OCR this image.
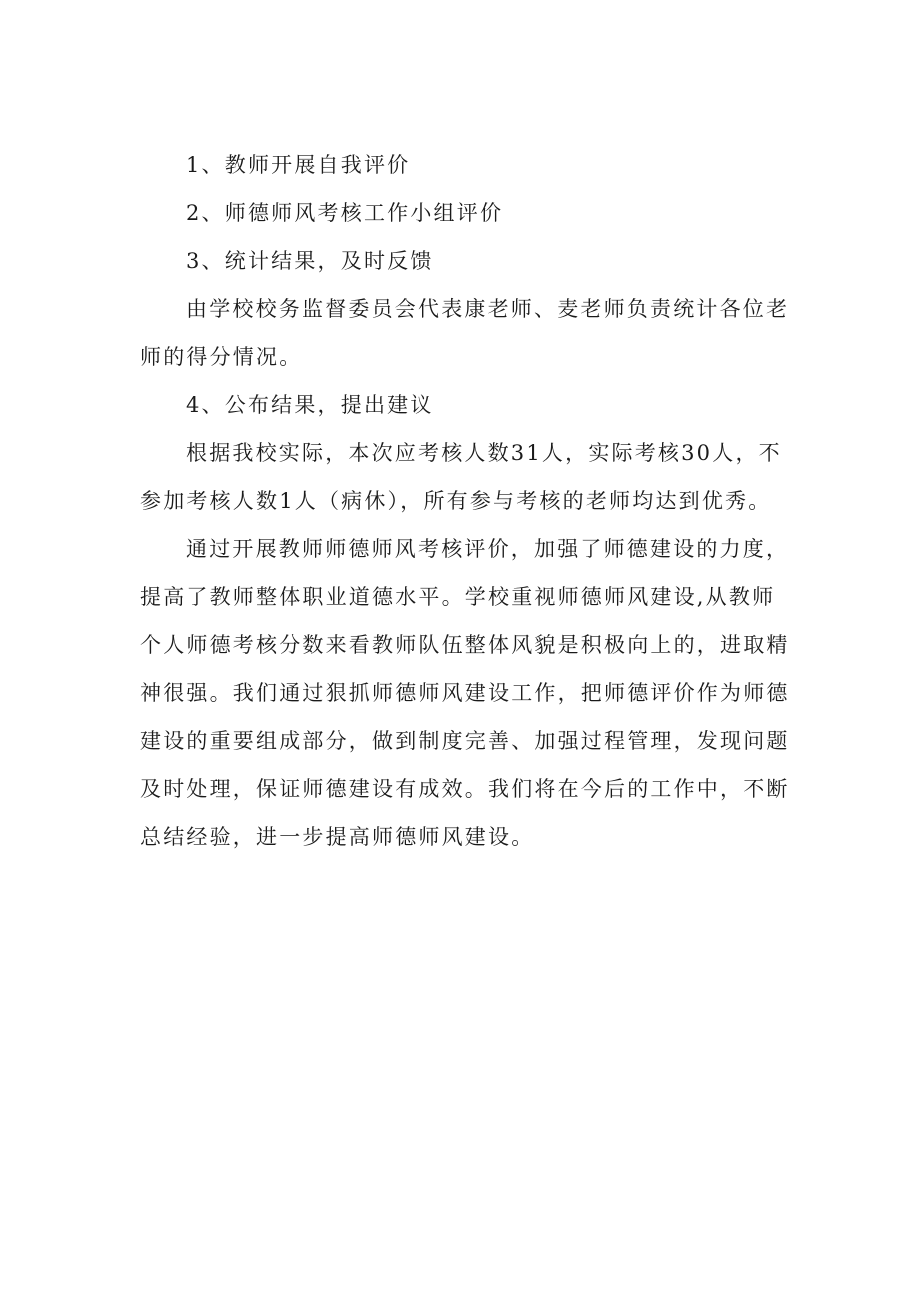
1、教师开展自我评价
2、师德师风考核工作小组评价
3、统计结果，及时反馈
由学校校务监督委员会代表康老师、麦老师负责统计各位老
师的得分情况。
4、公布结果，提出建议
根据我校实际，本次应考核人数31人，实际考核30人，不
参加考核人数1人（病休），所有参与考核的老师均达到优秀。
通过开展教师师德师风考核评价，加强了师德建设的力度，
提高了教师整体职业道德水平。学校重视师德师风建设,从教师
个人师德考核分数来看教师队伍整体风貌是积极向上的，进取精
神很强。我们通过狠抓师德师风建设工作，把师德评价作为师德
建设的重要组成部分，做到制度完善、加强过程管理，发现问题
及时处理，保证师德建设有成效。我们将在今后的工作中，不断
总结经验，进一步提高师德师风建设。
